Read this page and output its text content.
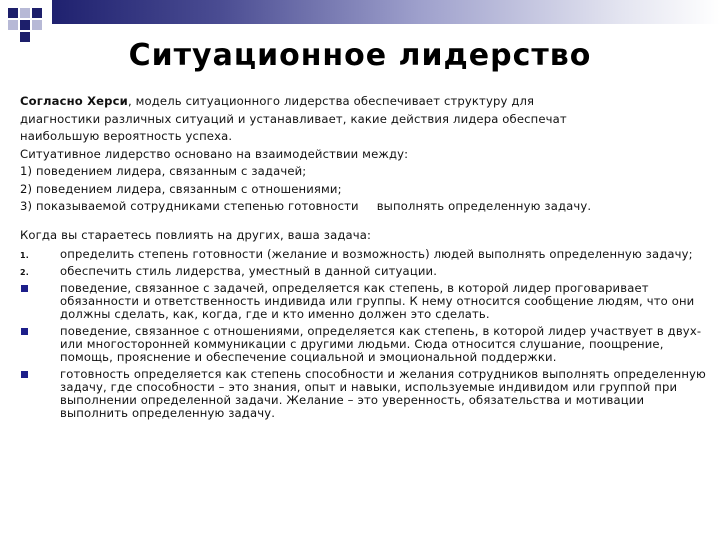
Ситуационное лидерство

Согласно Херси, модель ситуационного лидерства обеспечивает структуру для

диагностики различных ситуаций и устанавливает, какие действия лидера обеспечат

наибольшую вероятность успеха.

Ситуативное лидерство основано на взаимодействии между:

1) поведением лидера, связанным с задачей;

2) поведением лидера, связанным с отношениями;

3) показываемой сотрудниками степенью готовности выполнять определенную задачу.

Когда вы стараетесь повлиять на других, ваша задача:

1.	определить степень готовности (желание и возможность) людей выполнять определенную задачу;
2.	обеспечить стиль лидерства, уместный в данной ситуации.
поведение, связанное с задачей, определяется как степень, в которой лидер проговаривает обязанности и ответственность индивида или группы. К нему относится сообщение людям, что они должны сделать, как, когда, где и кто именно должен это сделать.
поведение, связанное с отношениями, определяется как степень, в которой лидер участвует в двух-или многосторонней коммуникации с другими людьми. Сюда относится слушание, поощрение, помощь, прояснение и обеспечение социальной и эмоциональной поддержки.
готовность определяется как степень способности и желания сотрудников выполнять определенную задачу, где способности – это знания, опыт и навыки, используемые индивидом или группой при выполнении определенной задачи. Желание – это уверенность, обязательства и мотивации выполнить определенную задачу.
